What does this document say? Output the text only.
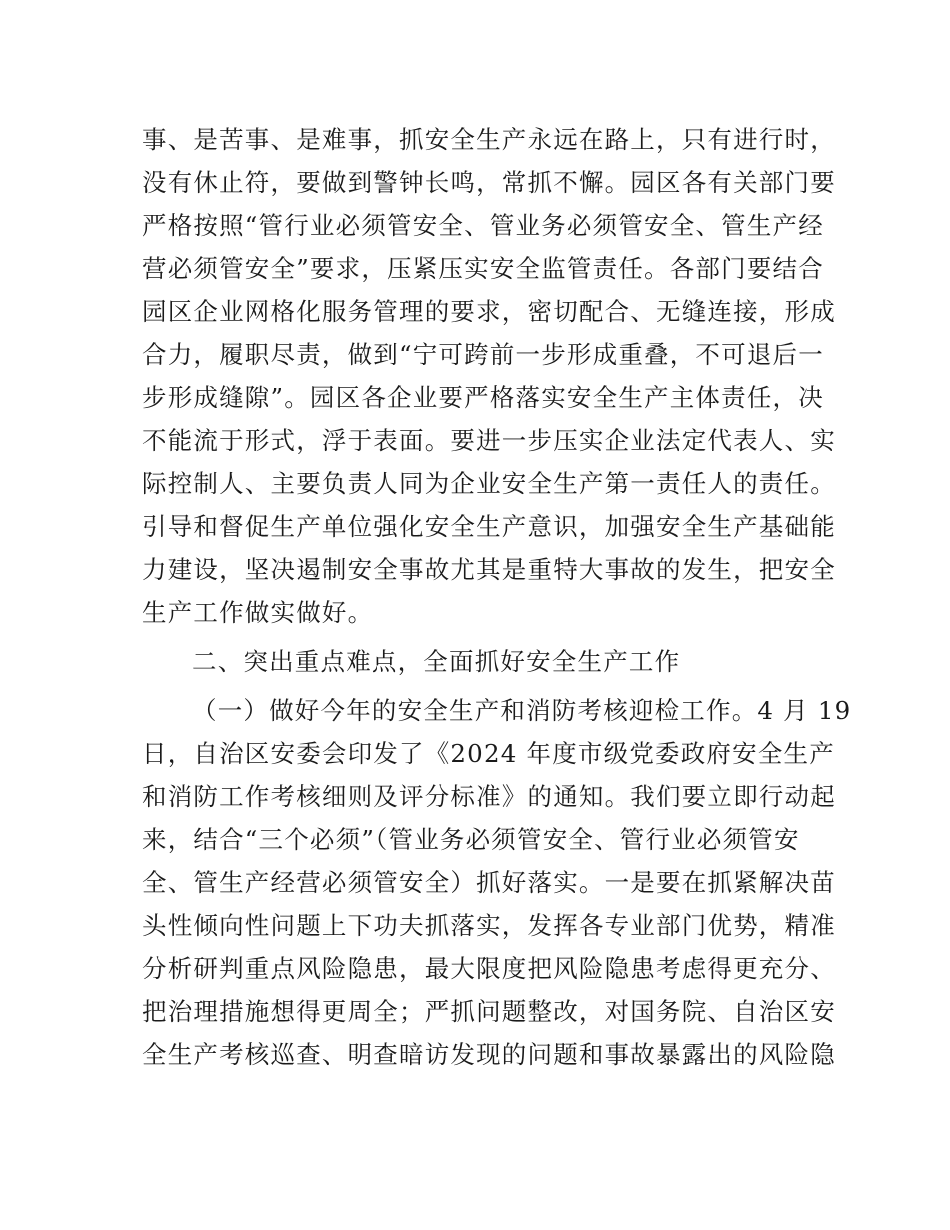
事、是苦事、是难事，抓安全生产永远在路上，只有进行时，
没有休止符，要做到警钟长鸣，常抓不懈。园区各有关部门要
严格按照“管行业必须管安全、管业务必须管安全、管生产经
营必须管安全”要求，压紧压实安全监管责任。各部门要结合
园区企业网格化服务管理的要求，密切配合、无缝连接，形成
合力，履职尽责，做到“宁可跨前一步形成重叠，不可退后一
步形成缝隙”。园区各企业要严格落实安全生产主体责任，决
不能流于形式，浮于表面。要进一步压实企业法定代表人、实
际控制人、主要负责人同为企业安全生产第一责任人的责任。
引导和督促生产单位强化安全生产意识，加强安全生产基础能
力建设，坚决遏制安全事故尤其是重特大事故的发生，把安全
生产工作做实做好。
二、突出重点难点，全面抓好安全生产工作
（一）做好今年的安全生产和消防考核迎检工作。4 月 19
日，自治区安委会印发了《2024 年度市级党委政府安全生产
和消防工作考核细则及评分标准》的通知。我们要立即行动起
来，结合“三个必须”（管业务必须管安全、管行业必须管安
全、管生产经营必须管安全）抓好落实。一是要在抓紧解决苗
头性倾向性问题上下功夫抓落实，发挥各专业部门优势，精准
分析研判重点风险隐患，最大限度把风险隐患考虑得更充分、
把治理措施想得更周全；严抓问题整改，对国务院、自治区安
全生产考核巡查、明查暗访发现的问题和事故暴露出的风险隐
